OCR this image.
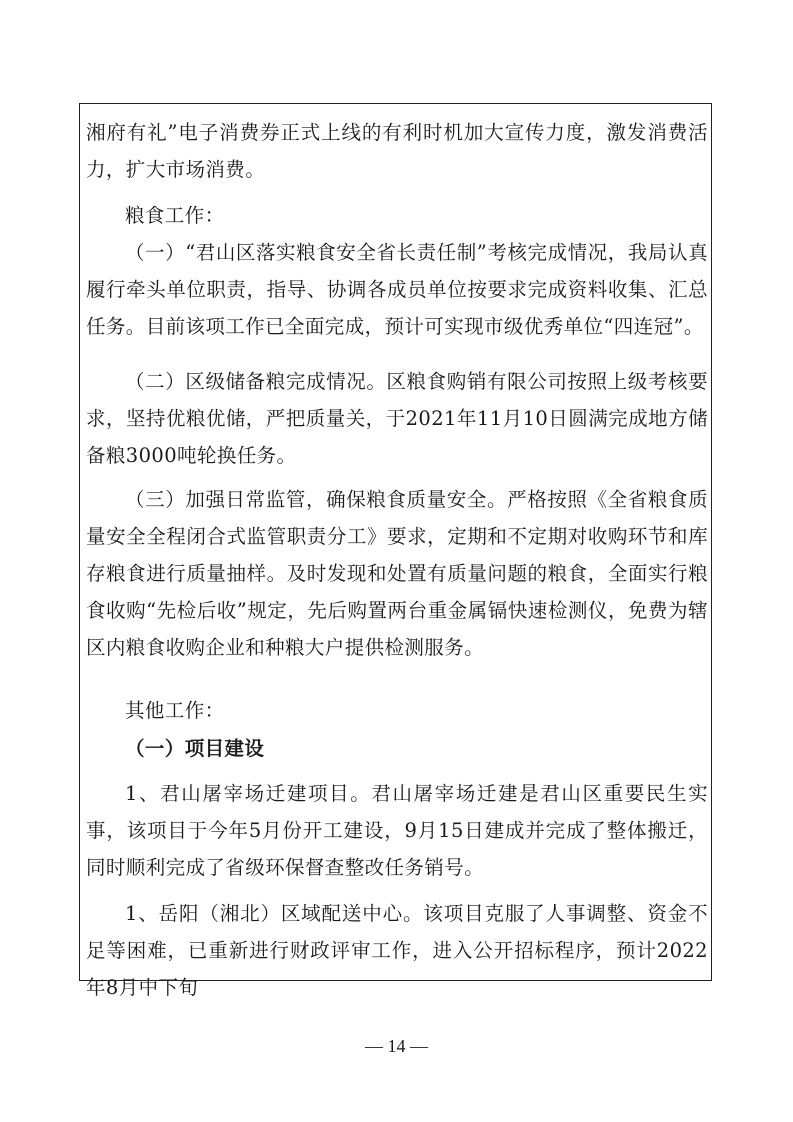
湘府有礼”电子消费券正式上线的有利时机加大宣传力度，激发消费活力，扩大市场消费。
粮食工作：
（一）“君山区落实粮食安全省长责任制”考核完成情况，我局认真履行牵头单位职责，指导、协调各成员单位按要求完成资料收集、汇总任务。目前该项工作已全面完成，预计可实现市级优秀单位“四连冠”。
（二）区级储备粮完成情况。区粮食购销有限公司按照上级考核要求，坚持优粮优储，严把质量关，于2021年11月10日圆满完成地方储备粮3000吨轮换任务。
（三）加强日常监管，确保粮食质量安全。严格按照《全省粮食质量安全全程闭合式监管职责分工》要求，定期和不定期对收购环节和库存粮食进行质量抽样。及时发现和处置有质量问题的粮食，全面实行粮食收购“先检后收”规定，先后购置两台重金属镉快速检测仪，免费为辖区内粮食收购企业和种粮大户提供检测服务。
其他工作：
（一）项目建设
1、君山屠宰场迁建项目。君山屠宰场迁建是君山区重要民生实事，该项目于今年5月份开工建设，9月15日建成并完成了整体搬迁，同时顺利完成了省级环保督查整改任务销号。
1、岳阳（湘北）区域配送中心。该项目克服了人事调整、资金不足等困难，已重新进行财政评审工作，进入公开招标程序，预计2022年8月中下旬
— 14 —
